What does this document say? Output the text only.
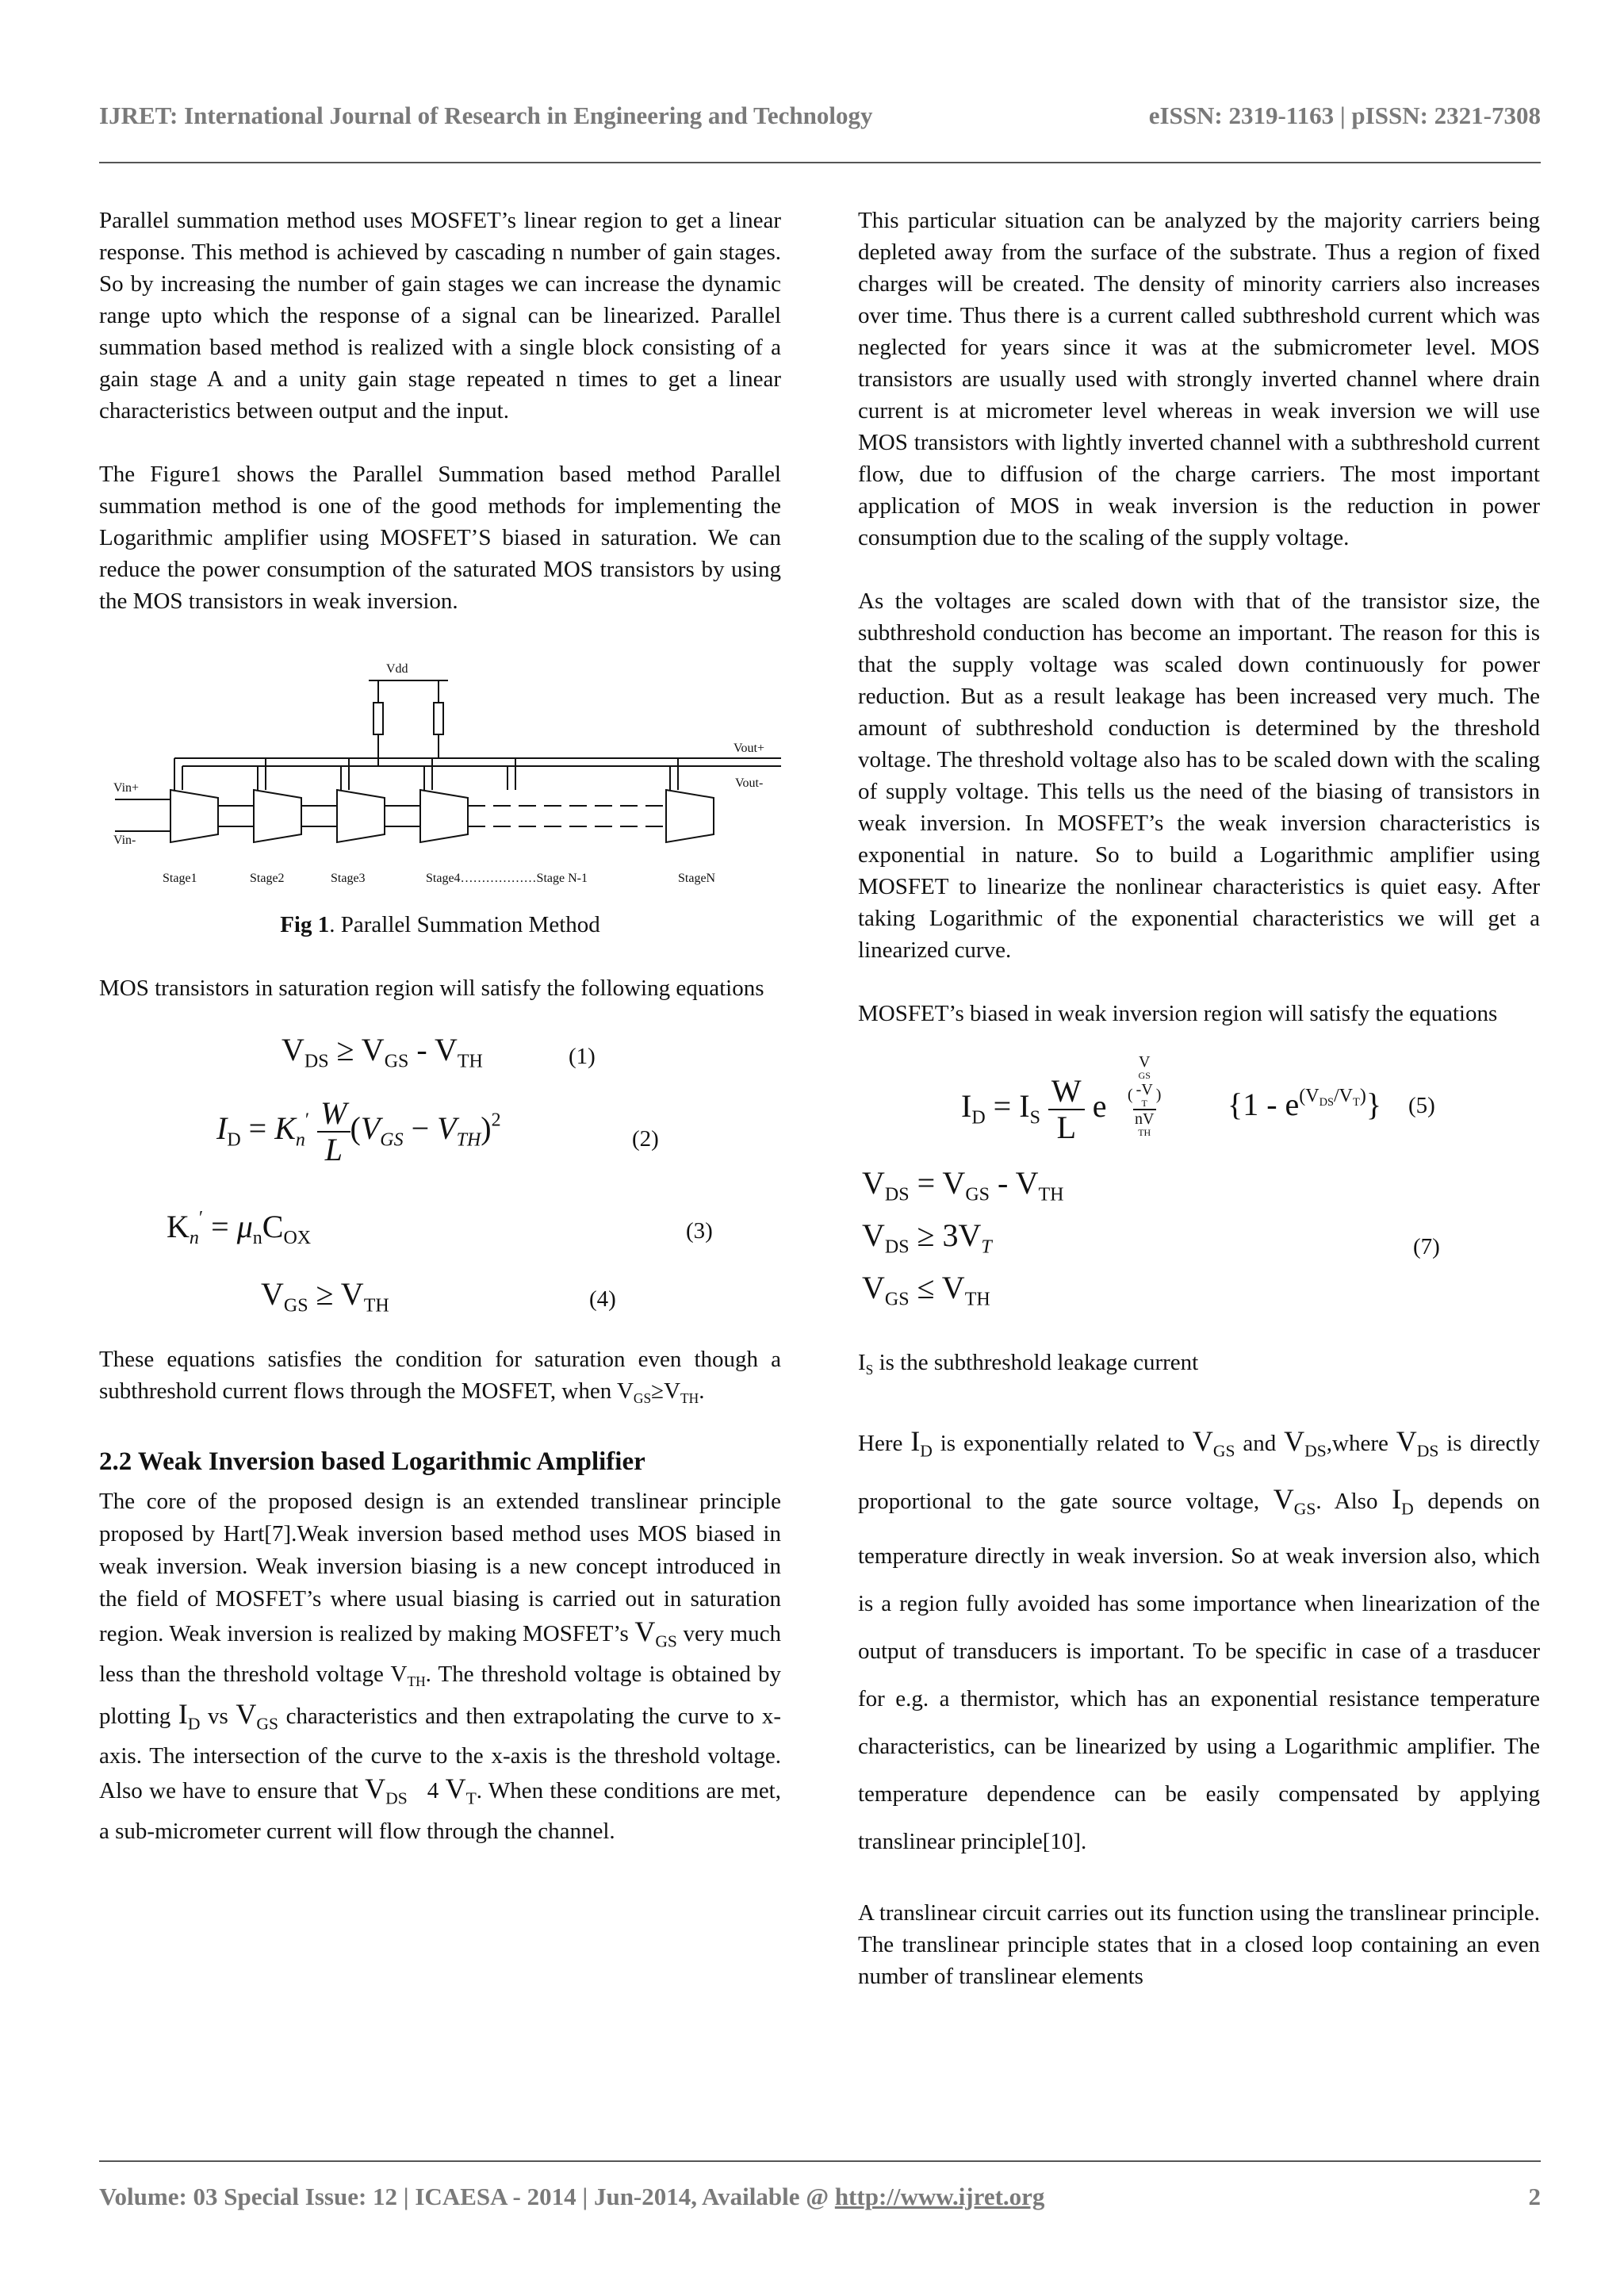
IJRET: International Journal of Research in Engineering and Technology	eISSN: 2319-1163 | pISSN: 2321-7308

Parallel summation method uses MOSFET’s linear region to get a linear response. This method is achieved by cascading n number of gain stages. So by increasing the number of gain stages we can increase the dynamic range upto which the response of a signal can be linearized. Parallel summation based method is realized with a single block consisting of a gain stage A and a unity gain stage repeated n times to get a linear characteristics between output and the input.

The Figure1 shows the Parallel Summation based method Parallel summation method is one of the good methods for implementing the Logarithmic amplifier using MOSFET’S biased in saturation. We can reduce the power consumption of the saturated MOS transistors by using the MOS transistors in weak inversion.

Vdd
Vout+
Vout-
Vin+
Vin-
Stage1	Stage2	Stage3	Stage4………………Stage N-1	StageN
Fig 1. Parallel Summation Method

MOS transistors in saturation region will satisfy the following equations

$V_{DS} \ge V_{GS} - V_{TH}$	(1)
$I_D = K_n' \frac{W}{L} (V_{GS} - V_{TH})^2$
(2)
$K_n' = \mu_nC_{OX}$	(3)
$V_{GS} \ge V_{TH}$	(4)

These equations satisfies the condition for saturation even though a subthreshold current flows through the MOSFET, when $V_{GS}\ge V_{TH}$.

2.2 Weak Inversion based Logarithmic Amplifier

The core of the proposed design is an extended translinear principle proposed by Hart[7].Weak inversion based method uses MOS biased in weak inversion. Weak inversion biasing is a new concept introduced in the field of MOSFET’s where usual biasing is carried out in saturation region. Weak inversion is realized by making MOSFET’s $V_{GS}$ very much less than the threshold voltage $V_{TH}$. The threshold voltage is obtained by plotting $I_D$ vs $V_{GS}$ characteristics and then extrapolating the curve to x-axis. The intersection of the curve to the x-axis is the threshold voltage. Also we have to ensure that $V_{DS}$   4 $V_T$. When these conditions are met, a sub-micrometer current will flow through the channel.

This particular situation can be analyzed by the majority carriers being depleted away from the surface of the substrate. Thus a region of fixed charges will be created. The density of minority carriers also increases over time. Thus there is a current called subthreshold current which was neglected for years since it was at the submicrometer level. MOS transistors are usually used with strongly inverted channel where drain current is at micrometer level whereas in weak inversion we will use MOS transistors with lightly inverted channel with a subthreshold current flow, due to diffusion of the charge carriers. The most important application of MOS in weak inversion is the reduction in power consumption due to the scaling of the supply voltage.

As the voltages are scaled down with that of the transistor size, the subthreshold conduction has become an important. The reason for this is that the supply voltage was scaled down continuously for power reduction. But as a result leakage has been increased very much. The amount of subthreshold conduction is determined by the threshold voltage. The threshold voltage also has to be scaled down with the scaling of supply voltage. This tells us the need of the biasing of transistors in weak inversion. In MOSFET’s the weak inversion characteristics is exponential in nature. So to build a Logarithmic amplifier using MOSFET to linearize the nonlinear characteristics is quiet easy. After taking Logarithmic of the exponential characteristics we will get a linearized curve.

MOSFET’s biased in weak inversion region will satisfy the equations

$I_D = I_S \frac{W}{L}$ e ( V
GS
-V
T
nV
TH ) $\{1 - e^{(V_{DS}/V_T)}\}$ (5)
$V_{DS} = V_{GS} - V_{TH}$
$V_{DS} \ge 3V_T$
$V_{GS} \le V_{TH}$
(7)

$I_S$ is the subthreshold leakage current

Here $I_D$ is exponentially related to $V_{GS}$ and $V_{DS},where$ $V_{DS}$ is directly proportional to the gate source voltage, $V_{GS}$. Also $I_D$ depends on temperature directly in weak inversion. So at weak inversion also, which is a region fully avoided has some importance when linearization of the output of transducers is important. To be specific in case of a trasducer for e.g. a thermistor, which has an exponential resistance temperature characteristics, can be linearized by using a Logarithmic amplifier. The temperature dependence can be easily compensated by applying translinear principle[10].

A translinear circuit carries out its function using the translinear principle. The translinear principle states that in a closed loop containing an even number of translinear elements

Volume: 03 Special Issue: 12 | ICAESA - 2014 | Jun-2014, Available @ http://www.ijret.org	2
